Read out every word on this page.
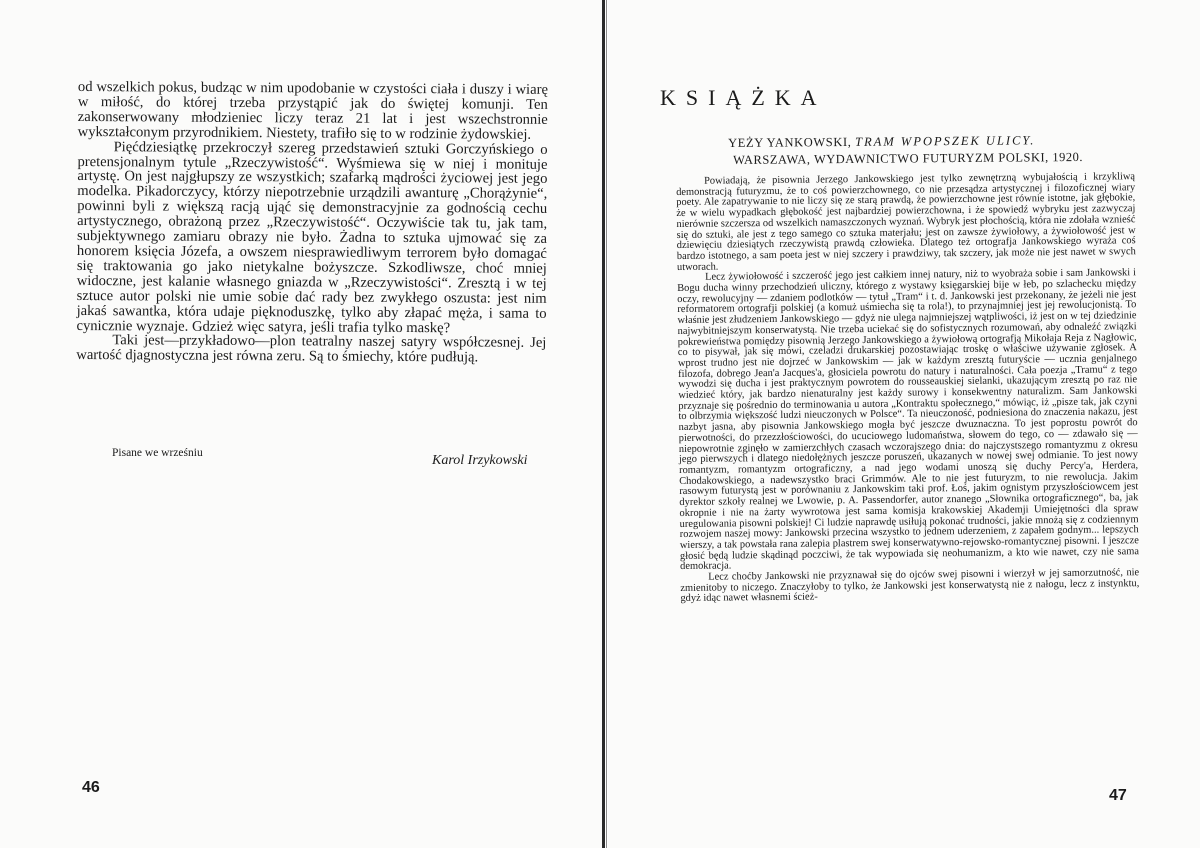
od wszelkich pokus, budząc w nim upodobanie w czystości ciała i duszy i wiarę w miłość, do której trzeba przystąpić jak do świętej komunji. Ten zakonserwowany młodzieniec liczy teraz 21 lat i jest wszechstronnie wykształconym przyrodnikiem. Niestety, trafiło się to w rodzinie żydowskiej.

Pięćdziesiątkę przekroczył szereg przedstawień sztuki Gorczyńskiego o pretensjonalnym tytule „Rzeczywistość“. Wyśmiewa się w niej i monituje artystę. On jest najgłupszy ze wszystkich; szafarką mądrości życiowej jest jego modelka. Pikadorczycy, którzy niepotrzebnie urządzili awanturę „Chorążynie“, powinni byli z większą racją ująć się demonstracyjnie za godnością cechu artystycznego, obrażoną przez „Rzeczywistość“. Oczywiście tak tu, jak tam, subjektywnego zamiaru obrazy nie było. Żadna to sztuka ujmować się za honorem księcia Józefa, a owszem niesprawiedliwym terrorem było domagać się traktowania go jako nietykalne bożyszcze. Szkodliwsze, choć mniej widoczne, jest kalanie własnego gniazda w „Rzeczywistości“. Zresztą i w tej sztuce autor polski nie umie sobie dać rady bez zwykłego oszusta: jest nim jakaś sawantka, która udaje pięknoduszkę, tylko aby złapać męża, i sama to cynicznie wyznaje. Gdzież więc satyra, jeśli trafia tylko maskę?

Taki jest—przykładowo—plon teatralny naszej satyry współczesnej. Jej wartość djagnostyczna jest równa zeru. Są to śmiechy, które pudłują.

Pisane we wrześniu	Karol Irzykowski
46
KSIĄŻKA
YEŻY YANKOWSKI, TRAM WPOPSZEK ULICY.
WARSZAWA, WYDAWNICTWO FUTURYZM POLSKI, 1920.

Powiadają, że pisownia Jerzego Jankowskiego jest tylko zewnętrzną wybujałością i krzykliwą demonstracją futuryzmu, że to coś powierzchownego, co nie przesądza artystycznej i filozoficznej wiary poety. Ale zapatrywanie to nie liczy się ze starą prawdą, że powierzchowne jest równie istotne, jak głębokie, że w wielu wypadkach głębokość jest najbardziej powierzchowna, i że spowiedź wybryku jest zazwyczaj nierównie szczersza od wszelkich namaszczonych wyznań. Wybryk jest płochością, która nie zdołała wznieść się do sztuki, ale jest z tego samego co sztuka materjału; jest on zawsze żywiołowy, a żywiołowość jest w dziewięciu dziesiątych rzeczywistą prawdą człowieka. Dlatego też ortografja Jankowskiego wyraża coś bardzo istotnego, a sam poeta jest w niej szczery i prawdziwy, tak szczery, jak może nie jest nawet w swych utworach.

Lecz żywiołowość i szczerość jego jest całkiem innej natury, niż to wyobraża sobie i sam Jankowski i Bogu ducha winny przechodzień uliczny, którego z wystawy księgarskiej bije w łeb, po szlachecku między oczy, rewolucyjny — zdaniem podlotków — tytuł „Tram“ i t. d. Jankowski jest przekonany, że jeżeli nie jest reformatorem ortografji polskiej (a komuż uśmiecha się ta rola!), to przynajmniej jest jej rewolucjonistą. To właśnie jest złudzeniem Jankowskiego — gdyż nie ulega najmniejszej wątpliwości, iż jest on w tej dziedzinie najwybitniejszym konserwatystą. Nie trzeba uciekać się do sofistycznych rozumowań, aby odnaleźć związki pokrewieństwa pomiędzy pisownią Jerzego Jankowskiego a żywiołową ortografją Mikołaja Reja z Nagłowic, co to pisywał, jak się mówi, czeladzi drukarskiej pozostawiając troskę o właściwe używanie zgłosek. A wprost trudno jest nie dojrzeć w Jankowskim — jak w każdym zresztą futuryście — ucznia genjalnego filozofa, dobrego Jean'a Jacques'a, głosiciela powrotu do natury i naturalności. Cała poezja „Tramu“ z tego wywodzi się ducha i jest praktycznym powrotem do rousseauskiej sielanki, ukazującym zresztą po raz nie wiedzieć który, jak bardzo nienaturalny jest każdy surowy i konsekwentny naturalizm. Sam Jankowski przyznaje się pośrednio do terminowania u autora „Kontraktu społecznego,“ mówiąc, iż „pisze tak, jak czyni to olbrzymia większość ludzi nieuczonych w Polsce“. Ta nieuczoność, podniesiona do znaczenia nakazu, jest nazbyt jasna, aby pisownia Jankowskiego mogła być jeszcze dwuznaczna. To jest poprostu powrót do pierwotności, do przezzłościowości, do ucuciowego ludomaństwa, słowem do tego, co — zdawało się — niepowrotnie zginęło w zamierzchłych czasach wczorajszego dnia: do najczystszego romantyzmu z okresu jego pierwszych i dlatego niedołężnych jeszcze poruszeń, ukazanych w nowej swej odmianie. To jest nowy romantyzm, romantyzm ortograficzny, a nad jego wodami unoszą się duchy Percy'a, Herdera, Chodakowskiego, a nadewszystko braci Grimmów. Ale to nie jest futuryzm, to nie rewolucja. Jakim rasowym futurystą jest w porównaniu z Jankowskim taki prof. Łoś, jakim ognistym przyszłościowcem jest dyrektor szkoły realnej we Lwowie, p. A. Passendorfer, autor znanego „Słownika ortograficznego“, ba, jak okropnie i nie na żarty wywrotowa jest sama komisja krakowskiej Akademji Umiejętności dla spraw uregulowania pisowni polskiej! Ci ludzie naprawdę usiłują pokonać trudności, jakie mnożą się z codziennym rozwojem naszej mowy: Jankowski przecina wszystko to jednem uderzeniem, z zapałem godnym... lepszych wierszy, a tak powstała rana zalepia plastrem swej konserwatywno-rejowsko-romantycznej pisowni. I jeszcze głosić będą ludzie skądinąd poczciwi, że tak wypowiada się neohumanizm, a kto wie nawet, czy nie sama demokracja.

Lecz choćby Jankowski nie przyznawał się do ojców swej pisowni i wierzył w jej samorzutność, nie zmienitoby to niczego. Znaczyłoby to tylko, że Jankowski jest konserwatystą nie z nałogu, lecz z instynktu, gdyż idąc nawet własnemi ścież-

47
